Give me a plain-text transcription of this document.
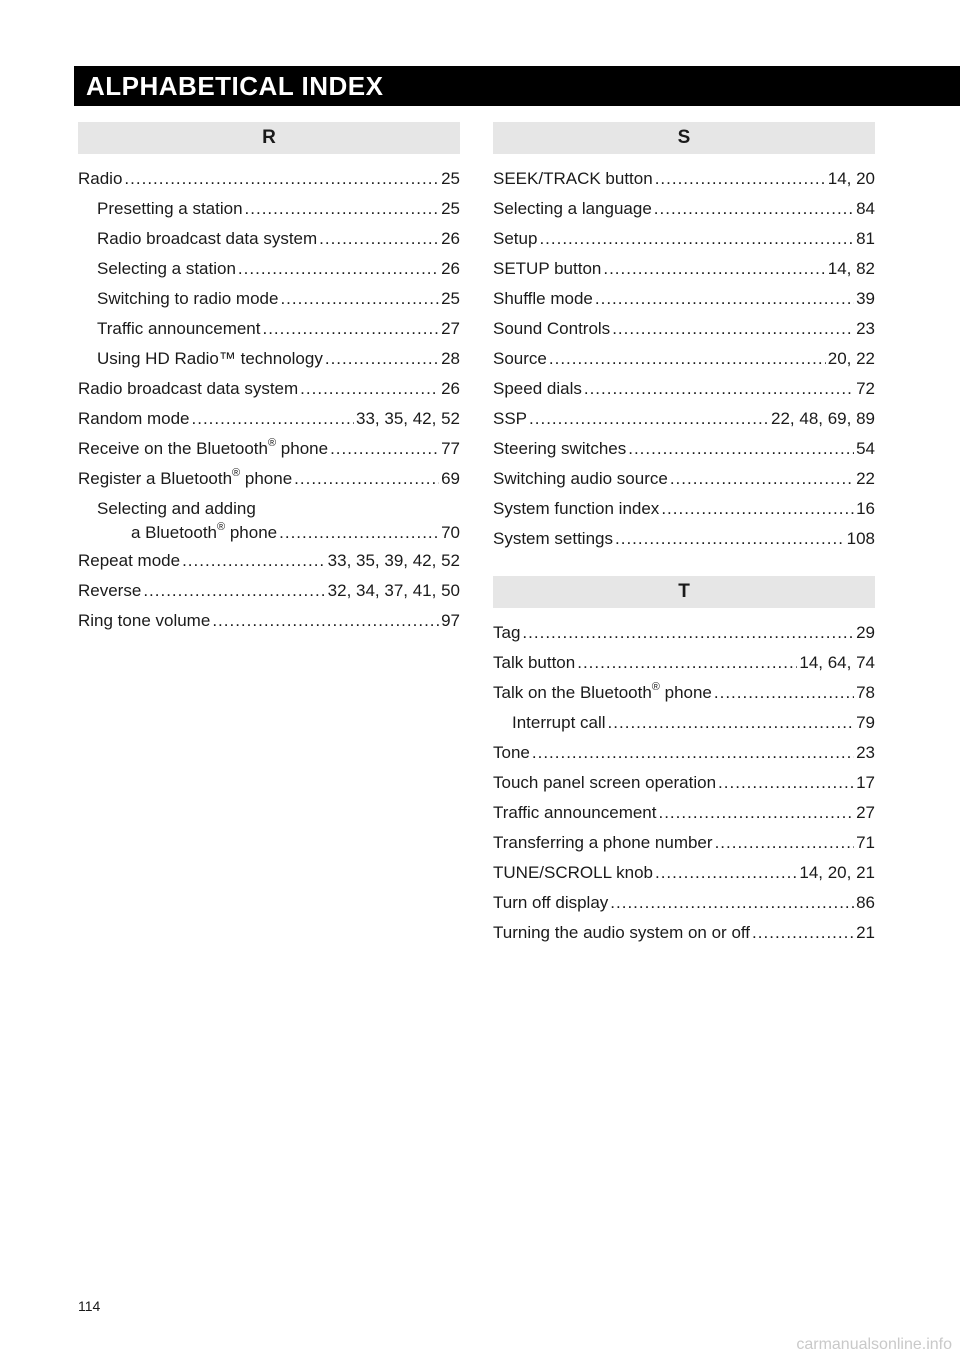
ALPHABETICAL INDEX
R
Radio .....	25
Presetting a station .....	25
Radio broadcast data system .....	26
Selecting a station .....	26
Switching to radio mode .....	25
Traffic announcement .....	27
Using HD Radio™ technology .....	28
Radio broadcast data system .....	26
Random mode .....	33, 35, 42, 52
Receive on the Bluetooth® phone .....	77
Register a Bluetooth® phone .....	69
Selecting and adding
a Bluetooth® phone .....	70
Repeat mode .....	33, 35, 39, 42, 52
Reverse .....	32, 34, 37, 41, 50
Ring tone volume .....	97
S
SEEK/TRACK button .....	14, 20
Selecting a language .....	84
Setup .....	81
SETUP button .....	14, 82
Shuffle mode .....	39
Sound Controls .....	23
Source .....	20, 22
Speed dials .....	72
SSP .....	22, 48, 69, 89
Steering switches .....	54
Switching audio source .....	22
System function index .....	16
System settings .....	108
T
Tag .....	29
Talk button .....	14, 64, 74
Talk on the Bluetooth® phone .....	78
Interrupt call .....	79
Tone .....	23
Touch panel screen operation .....	17
Traffic announcement .....	27
Transferring a phone number .....	71
TUNE/SCROLL knob .....	14, 20, 21
Turn off display .....	86
Turning the audio system on or off .....	21
114
carmanualsonline.info
